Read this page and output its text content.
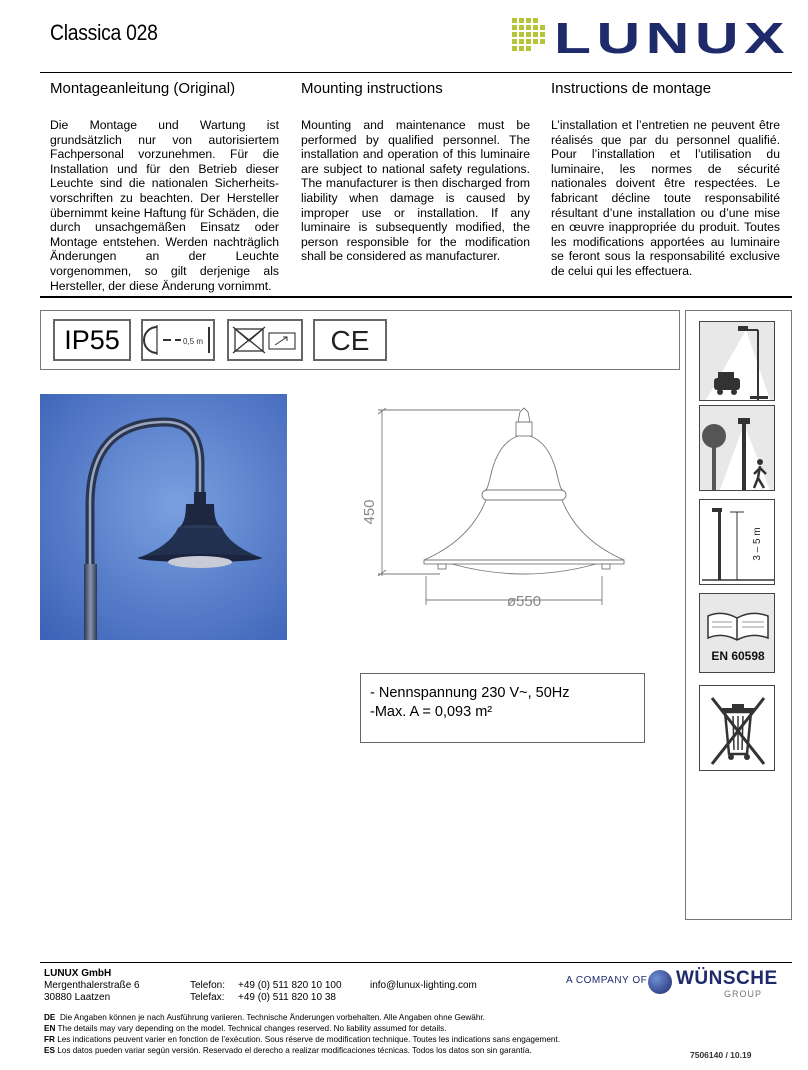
Classica 028	LUNUX
Montageanleitung (Original)	Mounting instructions	Instructions de montage
Die Montage und Wartung ist grundsätzlich nur von autorisiertem Fachpersonal vorzunehmen. Für die Installation und für den Betrieb dieser Leuchte sind die nationalen Sicherheits-vorschriften zu beachten. Der Hersteller übernimmt keine Haftung für Schäden, die durch unsachgemäßen Einsatz oder Montage entstehen. Werden nachträglich Änderungen an der Leuchte vorgenommen, so gilt derjenige als Hersteller, der diese Änderung vornimmt.
Mounting and maintenance must be performed by qualified personnel. The installation and operation of this luminaire are subject to national safety regulations. The manufacturer is then discharged from liability when damage is caused by improper use or installation. If any luminaire is subsequently modified, the person responsible for the modification shall be considered as manufacturer.
L’installation et l’entretien ne peuvent être réalisés que par du personnel qualifié. Pour l’installation et l’utilisation du luminaire, les normes de sécurité nationales doivent être respectées. Le fabricant décline toute responsabilité résultant d’une installation ou d’une mise en œuvre inappropriée du produit. Toutes les modifications apportées au luminaire se feront sous la responsabilité exclusive de celui qui les effectuera.
IP55	0,5 m	CE
450
ø550
- Nennspannung 230 V~, 50Hz
-Max. A = 0,093 m²
3 – 5 m
EN 60598
LUNUX GmbH
Mergenthalerstraße 6
30880 Laatzen
Telefon: +49 (0) 511 820 10 100
Telefax: +49 (0) 511 820 10 38
info@lunux-lighting.com	A COMPANY OF WÜNSCHE
GROUP
DE Die Angaben können je nach Ausführung variieren. Technische Änderungen vorbehalten. Alle Angaben ohne Gewähr.
EN The details may vary depending on the model. Technical changes reserved. No liability assumed for details.
FR Les indications peuvent varier en fonction de l’exécution. Sous réserve de modification technique. Toutes les indications sans engagement.
ES Los datos pueden variar según versión. Reservado el derecho a realizar modificaciones técnicas. Todos los datos son sin garantía.	7506140 / 10.19
